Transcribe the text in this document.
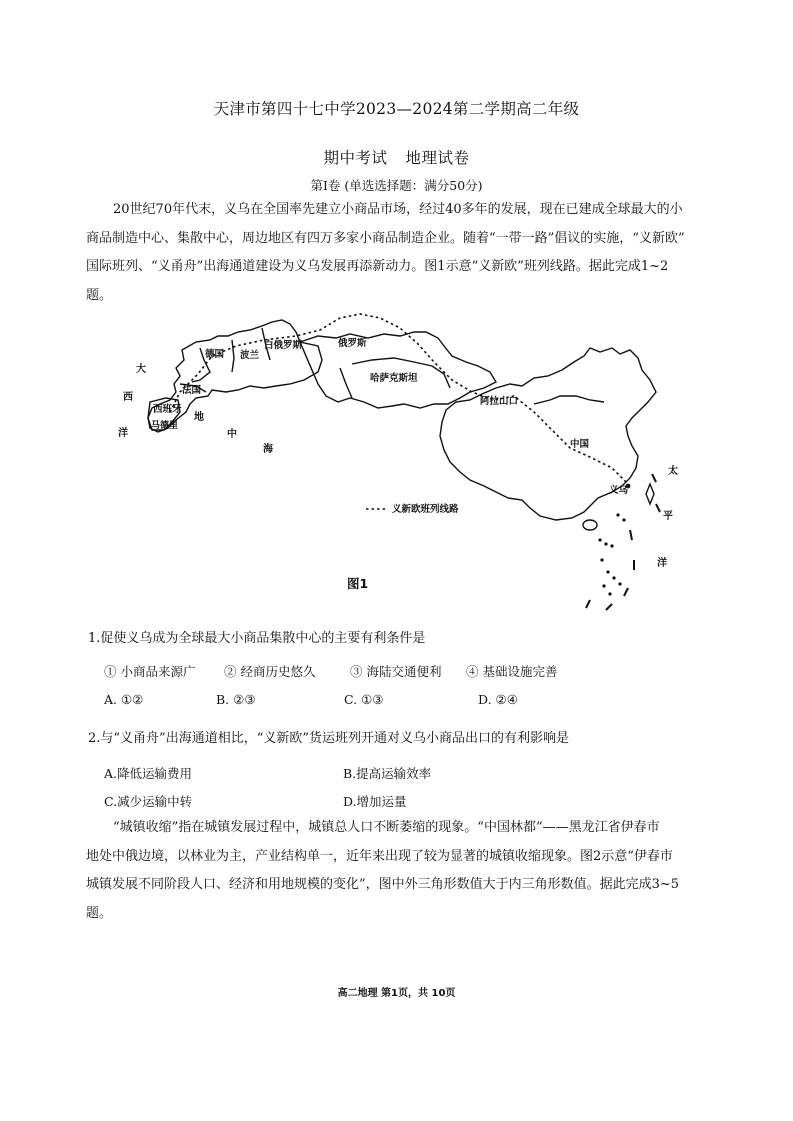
天津市第四十七中学2023—2024第二学期高二年级
期中考试 地理试卷
第Ⅰ卷 (单选选择题：满分50分)
20世纪70年代末，义乌在全国率先建立小商品市场，经过40多年的发展，现在已建成全球最大的小
商品制造中心、集散中心，周边地区有四万多家小商品制造企业。随着“一带一路”倡议的实施，“义新欧”
国际班列、“义甬舟”出海通道建设为义乌发展再添新动力。图1示意“义新欧”班列线路。据此完成1~2
题。
义新欧班列线路
大
西
洋
地
中
海
太
平
洋
德国 波兰
白俄罗斯	俄罗斯
哈萨克斯坦
阿拉山口
法国
西班牙
马德里
中国
义乌
图1
1.促使义乌成为全球最大小商品集散中心的主要有利条件是
① 小商品来源广 ② 经商历史悠久	③ 海陆交通便利 ④ 基础设施完善
A. ①②	B. ②③	C. ①③	D. ②④
2.与“义甬舟”出海通道相比，“义新欧”货运班列开通对义乌小商品出口的有利影响是
A.降低运输费用	B.提高运输效率
C.减少运输中转	D.增加运量
“城镇收缩”指在城镇发展过程中，城镇总人口不断萎缩的现象。“中国林都”——黑龙江省伊春市
地处中俄边境，以林业为主，产业结构单一，近年来出现了较为显著的城镇收缩现象。图2示意“伊春市
城镇发展不同阶段人口、经济和用地规模的变化”，图中外三角形数值大于内三角形数值。据此完成3~5
题。
高二地理 第1页，共 10页
